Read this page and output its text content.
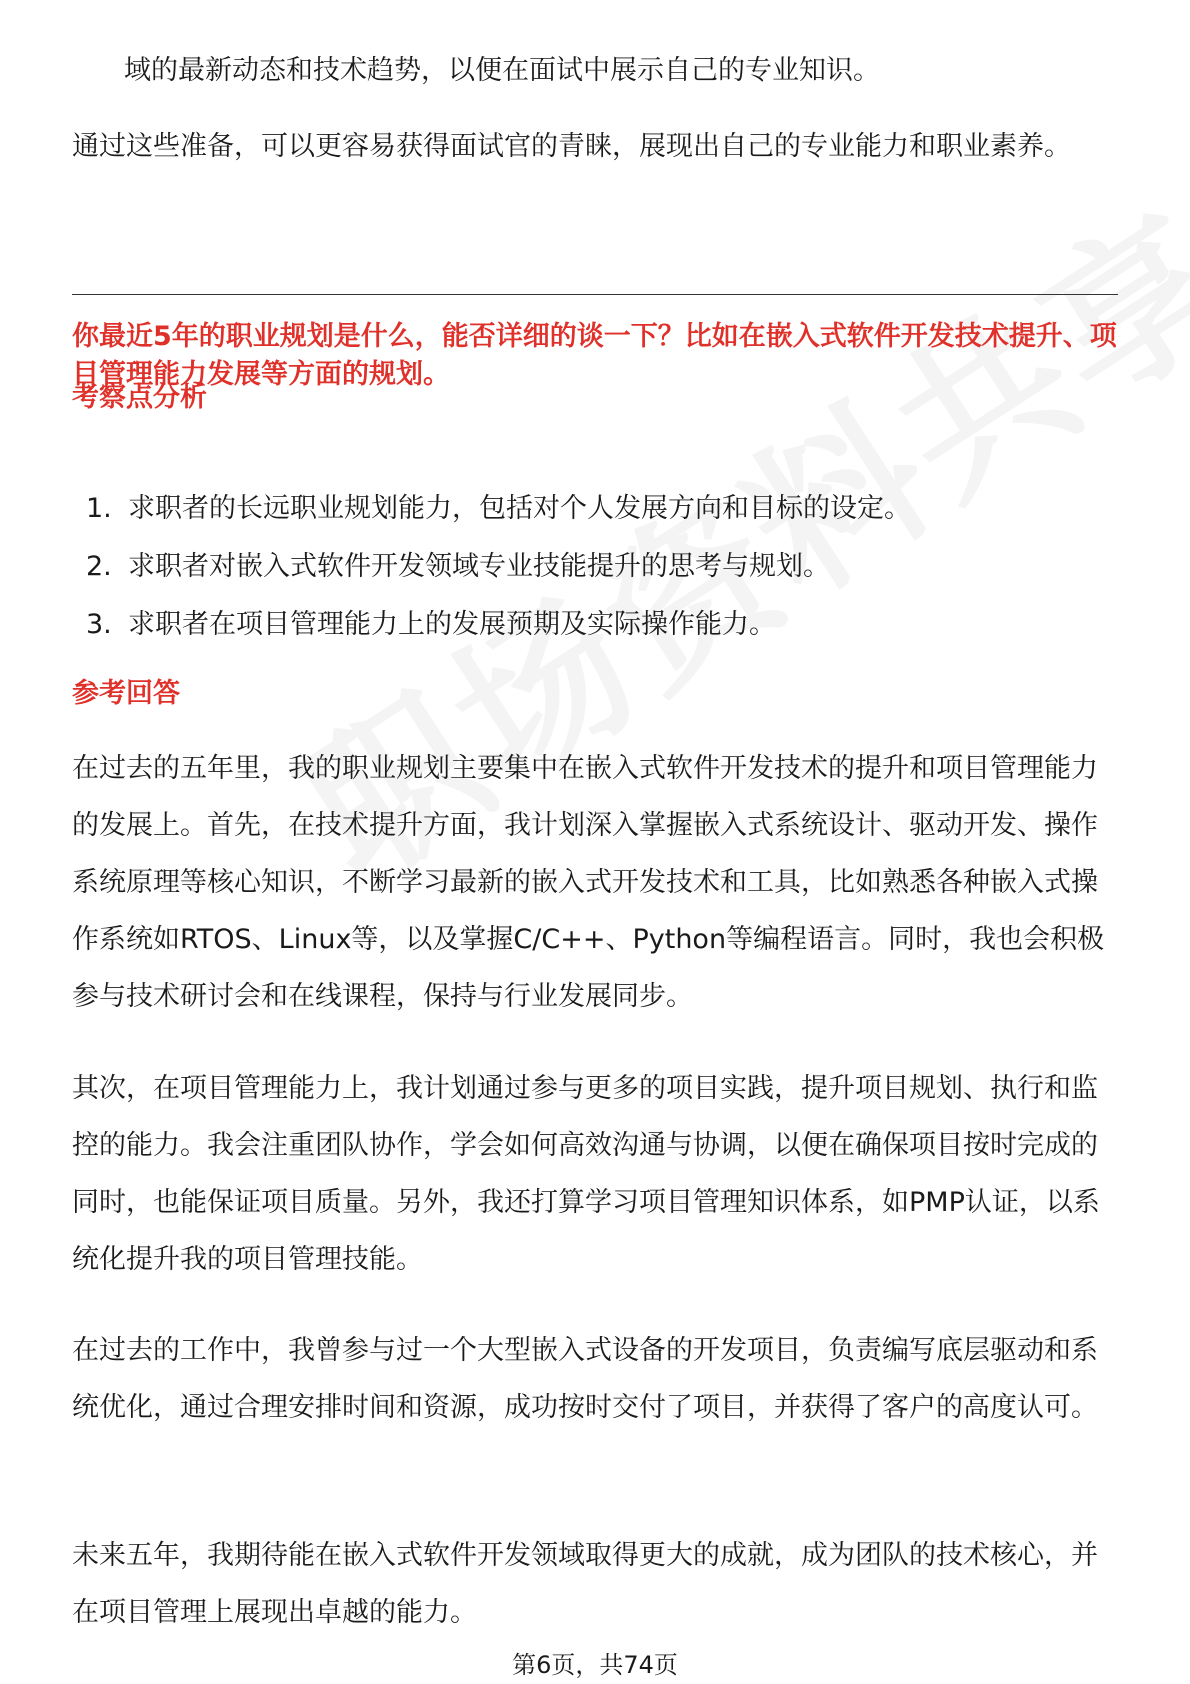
域的最新动态和技术趋势，以便在面试中展示自己的专业知识。

通过这些准备，可以更容易获得面试官的青睐，展现出自己的专业能力和职业素养。

你最近5年的职业规划是什么，能否详细的谈一下？比如在嵌入式软件开发技术提升、项目管理能力发展等方面的规划。

考察点分析

1. 求职者的长远职业规划能力，包括对个人发展方向和目标的设定。
2. 求职者对嵌入式软件开发领域专业技能提升的思考与规划。
3. 求职者在项目管理能力上的发展预期及实际操作能力。

参考回答

在过去的五年里，我的职业规划主要集中在嵌入式软件开发技术的提升和项目管理能力的发展上。首先，在技术提升方面，我计划深入掌握嵌入式系统设计、驱动开发、操作系统原理等核心知识，不断学习最新的嵌入式开发技术和工具，比如熟悉各种嵌入式操作系统如RTOS、Linux等，以及掌握C/C++、Python等编程语言。同时，我也会积极参与技术研讨会和在线课程，保持与行业发展同步。

其次，在项目管理能力上，我计划通过参与更多的项目实践，提升项目规划、执行和监控的能力。我会注重团队协作，学会如何高效沟通与协调，以便在确保项目按时完成的同时，也能保证项目质量。另外，我还打算学习项目管理知识体系，如PMP认证，以系统化提升我的项目管理技能。

在过去的工作中，我曾参与过一个大型嵌入式设备的开发项目，负责编写底层驱动和系统优化，通过合理安排时间和资源，成功按时交付了项目，并获得了客户的高度认可。

未来五年，我期待能在嵌入式软件开发领域取得更大的成就，成为团队的技术核心，并在项目管理上展现出卓越的能力。

第6页，共74页
